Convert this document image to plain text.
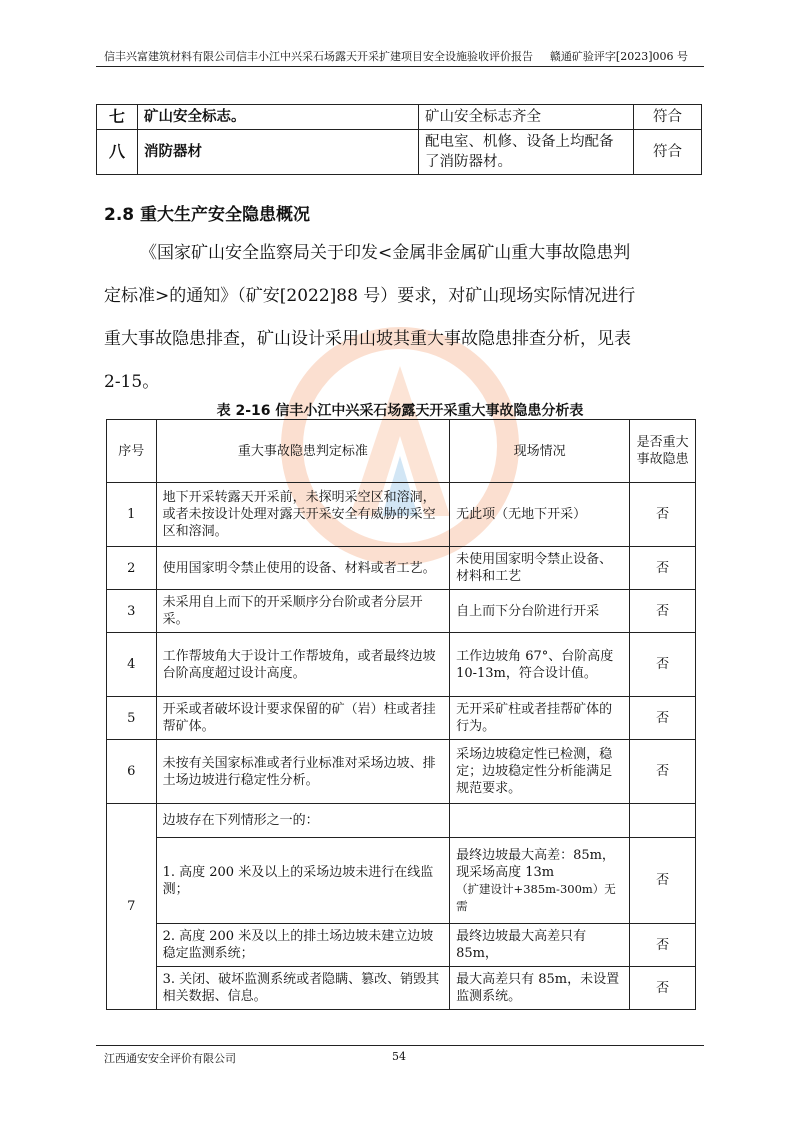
信丰兴富建筑材料有限公司信丰小江中兴采石场露天开采扩建项目安全设施验收评价报告 赣通矿验评字[2023]006 号
七	矿山安全标志。	矿山安全标志齐全	符合
八	消防器材	配电室、机修、设备上均配备了消防器材。	符合
2.8 重大生产安全隐患概况
《国家矿山安全监察局关于印发<金属非金属矿山重大事故隐患判
定标准>的通知》（矿安[2022]88 号）要求，对矿山现场实际情况进行
重大事故隐患排查，矿山设计采用山坡其重大事故隐患排查分析，见表
2-15。
表 2-16 信丰小江中兴采石场露天开采重大事故隐患分析表
序号	重大事故隐患判定标准	现场情况	是否重大事故隐患
1	地下开采转露天开采前，未探明采空区和溶洞，或者未按设计处理对露天开采安全有威胁的采空区和溶洞。	无此项（无地下开采）	否
2	使用国家明令禁止使用的设备、材料或者工艺。	未使用国家明令禁止设备、材料和工艺	否
3	未采用自上而下的开采顺序分台阶或者分层开采。	自上而下分台阶进行开采	否
4	工作帮坡角大于设计工作帮坡角，或者最终边坡台阶高度超过设计高度。	工作边坡角 67°、台阶高度 10-13m，符合设计值。	否
5	开采或者破坏设计要求保留的矿（岩）柱或者挂帮矿体。	无开采矿柱或者挂帮矿体的行为。	否
6	未按有关国家标准或者行业标准对采场边坡、排土场边坡进行稳定性分析。	采场边坡稳定性已检测，稳定；边坡稳定性分析能满足规范要求。	否
7	边坡存在下列情形之一的：		
	1. 高度 200 米及以上的采场边坡未进行在线监测；	最终边坡最大高差：85m，现采场高度 13m
（扩建设计+385m-300m）无需	否
	2. 高度 200 米及以上的排土场边坡未建立边坡稳定监测系统；	最终边坡最大高差只有 85m，	否
	3. 关闭、破坏监测系统或者隐瞒、篡改、销毁其相关数据、信息。	最大高差只有 85m，未设置监测系统。	否
江西通安安全评价有限公司	54
